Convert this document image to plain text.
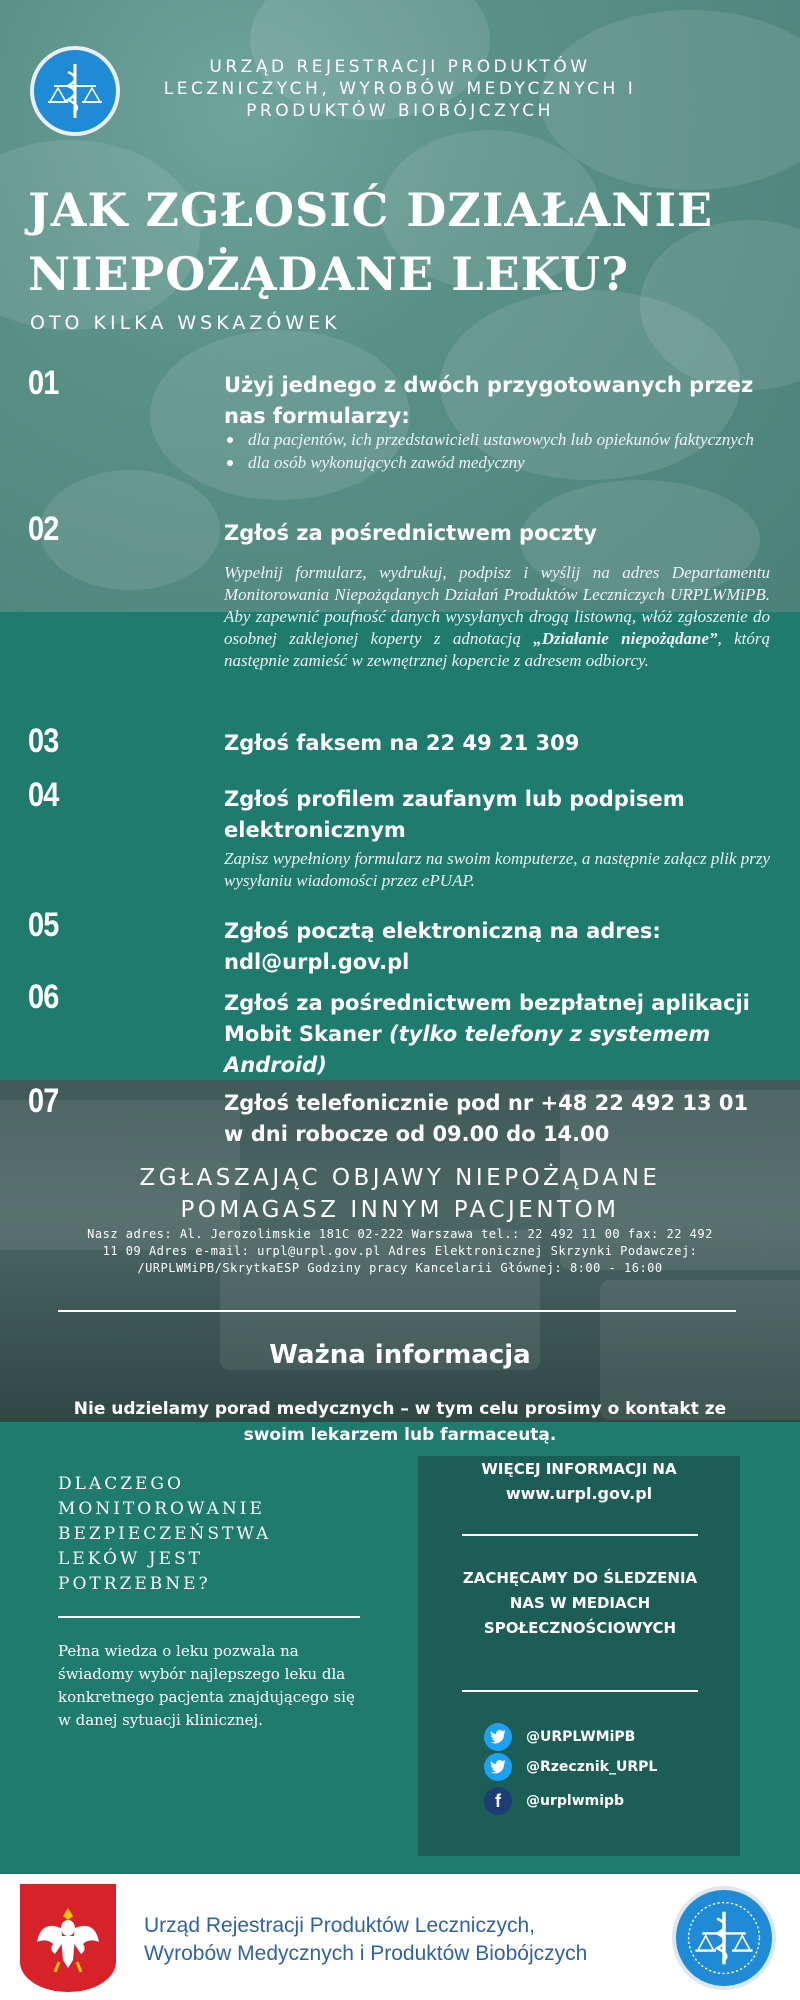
URZĄD REJESTRACJI PRODUKTÓW LECZNICZYCH, WYROBÓW MEDYCZNYCH I PRODUKTÓW BIOBÓJCZYCH
JAK ZGŁOSIĆ DZIAŁANIE NIEPOŻĄDANE LEKU?
OTO KILKA WSKAZÓWEK
01	Użyj jednego z dwóch przygotowanych przez nas formularzy:
dla pacjentów, ich przedstawicieli ustawowych lub opiekunów faktycznych
dla osób wykonujących zawód medyczny
02	Zgłoś za pośrednictwem poczty
Wypełnij formularz, wydrukuj, podpisz i wyślij na adres Departamentu Monitorowania Niepożądanych Działań Produktów Leczniczych URPLWMiPB. Aby zapewnić poufność danych wysyłanych drogą listowną, włóż zgłoszenie do osobnej zaklejonej koperty z adnotacją „Działanie niepożądane”, którą następnie zamieść w zewnętrznej kopercie z adresem odbiorcy.
03	Zgłoś faksem na 22 49 21 309
04	Zgłoś profilem zaufanym lub podpisem elektronicznym
Zapisz wypełniony formularz na swoim komputerze, a następnie załącz plik przy wysyłaniu wiadomości przez ePUAP.
05	Zgłoś pocztą elektroniczną na adres: ndl@urpl.gov.pl
06	Zgłoś za pośrednictwem bezpłatnej aplikacji Mobit Skaner (tylko telefony z systemem Android)
07	Zgłoś telefonicznie pod nr +48 22 492 13 01 w dni robocze od 09.00 do 14.00
ZGŁASZAJĄC OBJAWY NIEPOŻĄDANE POMAGASZ INNYM PACJENTOM
Nasz adres: Al. Jerozolimskie 181C 02-222 Warszawa tel.: 22 492 11 00 fax: 22 492 11 09 Adres e-mail: urpl@urpl.gov.pl Adres Elektronicznej Skrzynki Podawczej: /URPLWMiPB/SkrytkaESP Godziny pracy Kancelarii Głównej: 8:00 - 16:00
Ważna informacja
Nie udzielamy porad medycznych – w tym celu prosimy o kontakt ze swoim lekarzem lub farmaceutą.
DLACZEGO MONITOROWANIE BEZPIECZEŃSTWA LEKÓW JEST POTRZEBNE?
Pełna wiedza o leku pozwala na świadomy wybór najlepszego leku dla konkretnego pacjenta znajdującego się w danej sytuacji klinicznej.
WIĘCEJ INFORMACJI NA
www.urpl.gov.pl
ZACHĘCAMY DO ŚLEDZENIA NAS W MEDIACH SPOŁECZNOŚCIOWYCH
@URPLWMiPB
@Rzecznik_URPL
f @urplwmipb
Urząd Rejestracji Produktów Leczniczych,
Wyrobów Medycznych i Produktów Biobójczych
